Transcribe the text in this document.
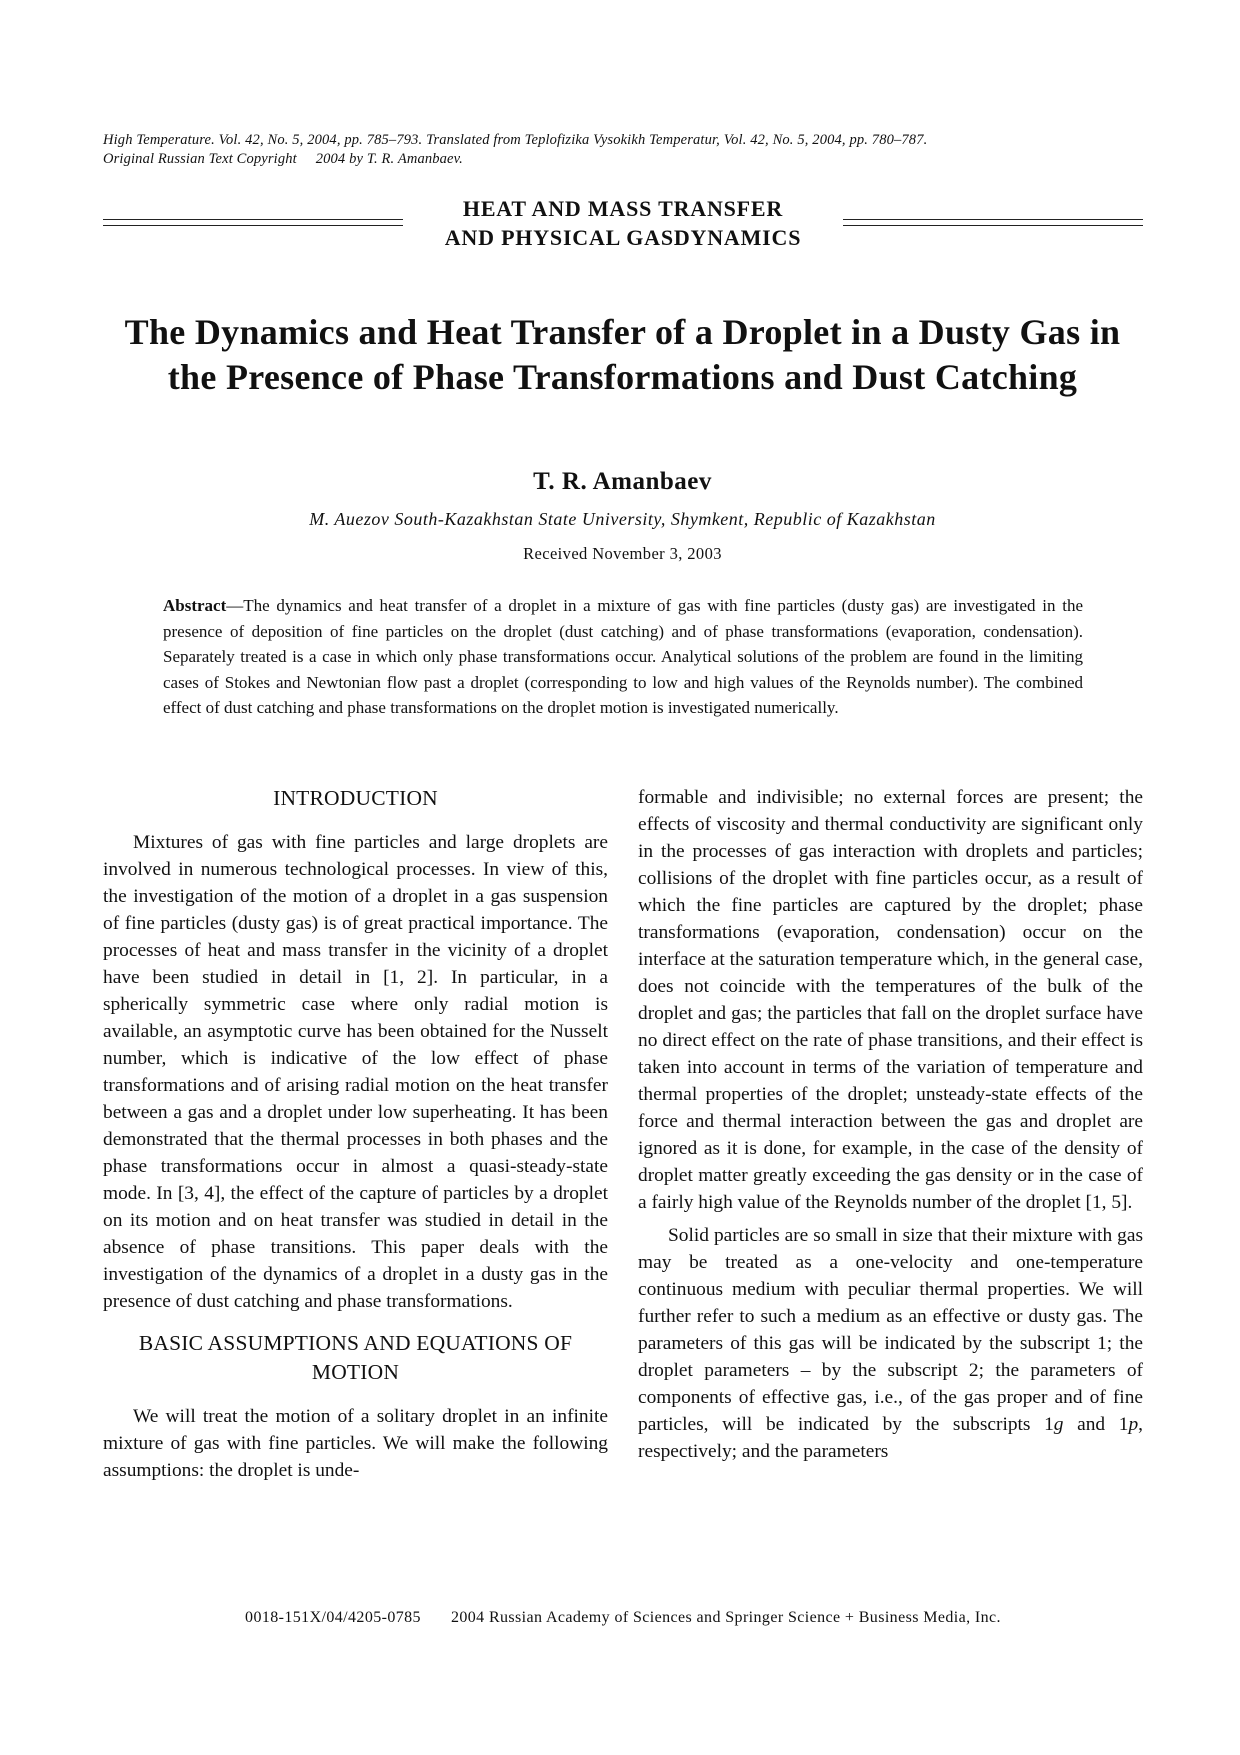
High Temperature. Vol. 42, No. 5, 2004, pp. 785–793. Translated from Teplofizika Vysokikh Temperatur, Vol. 42, No. 5, 2004, pp. 780–787.
Original Russian Text Copyright     2004 by T. R. Amanbaev.
HEAT AND MASS TRANSFER
AND PHYSICAL GASDYNAMICS
The Dynamics and Heat Transfer of a Droplet in a Dusty Gas in the Presence of Phase Transformations and Dust Catching
T. R. Amanbaev
M. Auezov South-Kazakhstan State University, Shymkent, Republic of Kazakhstan
Received November 3, 2003

Abstract—The dynamics and heat transfer of a droplet in a mixture of gas with fine particles (dusty gas) are investigated in the presence of deposition of fine particles on the droplet (dust catching) and of phase transformations (evaporation, condensation). Separately treated is a case in which only phase transformations occur. Analytical solutions of the problem are found in the limiting cases of Stokes and Newtonian flow past a droplet (corresponding to low and high values of the Reynolds number). The combined effect of dust catching and phase transformations on the droplet motion is investigated numerically.

INTRODUCTION

Mixtures of gas with fine particles and large droplets are involved in numerous technological processes. In view of this, the investigation of the motion of a droplet in a gas suspension of fine particles (dusty gas) is of great practical importance. The processes of heat and mass transfer in the vicinity of a droplet have been studied in detail in [1, 2]. In particular, in a spherically symmetric case where only radial motion is available, an asymptotic curve has been obtained for the Nusselt number, which is indicative of the low effect of phase transformations and of arising radial motion on the heat transfer between a gas and a droplet under low superheating. It has been demonstrated that the thermal processes in both phases and the phase transformations occur in almost a quasi-steady-state mode. In [3, 4], the effect of the capture of particles by a droplet on its motion and on heat transfer was studied in detail in the absence of phase transitions. This paper deals with the investigation of the dynamics of a droplet in a dusty gas in the presence of dust catching and phase transformations.

BASIC ASSUMPTIONS AND EQUATIONS OF MOTION

We will treat the motion of a solitary droplet in an infinite mixture of gas with fine particles. We will make the following assumptions: the droplet is unde-

formable and indivisible; no external forces are present; the effects of viscosity and thermal conductivity are significant only in the processes of gas interaction with droplets and particles; collisions of the droplet with fine particles occur, as a result of which the fine particles are captured by the droplet; phase transformations (evaporation, condensation) occur on the interface at the saturation temperature which, in the general case, does not coincide with the temperatures of the bulk of the droplet and gas; the particles that fall on the droplet surface have no direct effect on the rate of phase transitions, and their effect is taken into account in terms of the variation of temperature and thermal properties of the droplet; unsteady-state effects of the force and thermal interaction between the gas and droplet are ignored as it is done, for example, in the case of the density of droplet matter greatly exceeding the gas density or in the case of a fairly high value of the Reynolds number of the droplet [1, 5].

Solid particles are so small in size that their mixture with gas may be treated as a one-velocity and one-temperature continuous medium with peculiar thermal properties. We will further refer to such a medium as an effective or dusty gas. The parameters of this gas will be indicated by the subscript 1; the droplet parameters – by the subscript 2; the parameters of components of effective gas, i.e., of the gas proper and of fine particles, will be indicated by the subscripts 1g and 1p, respectively; and the parameters

0018-151X/04/4205-0785 2004 Russian Academy of Sciences and Springer Science + Business Media, Inc.
